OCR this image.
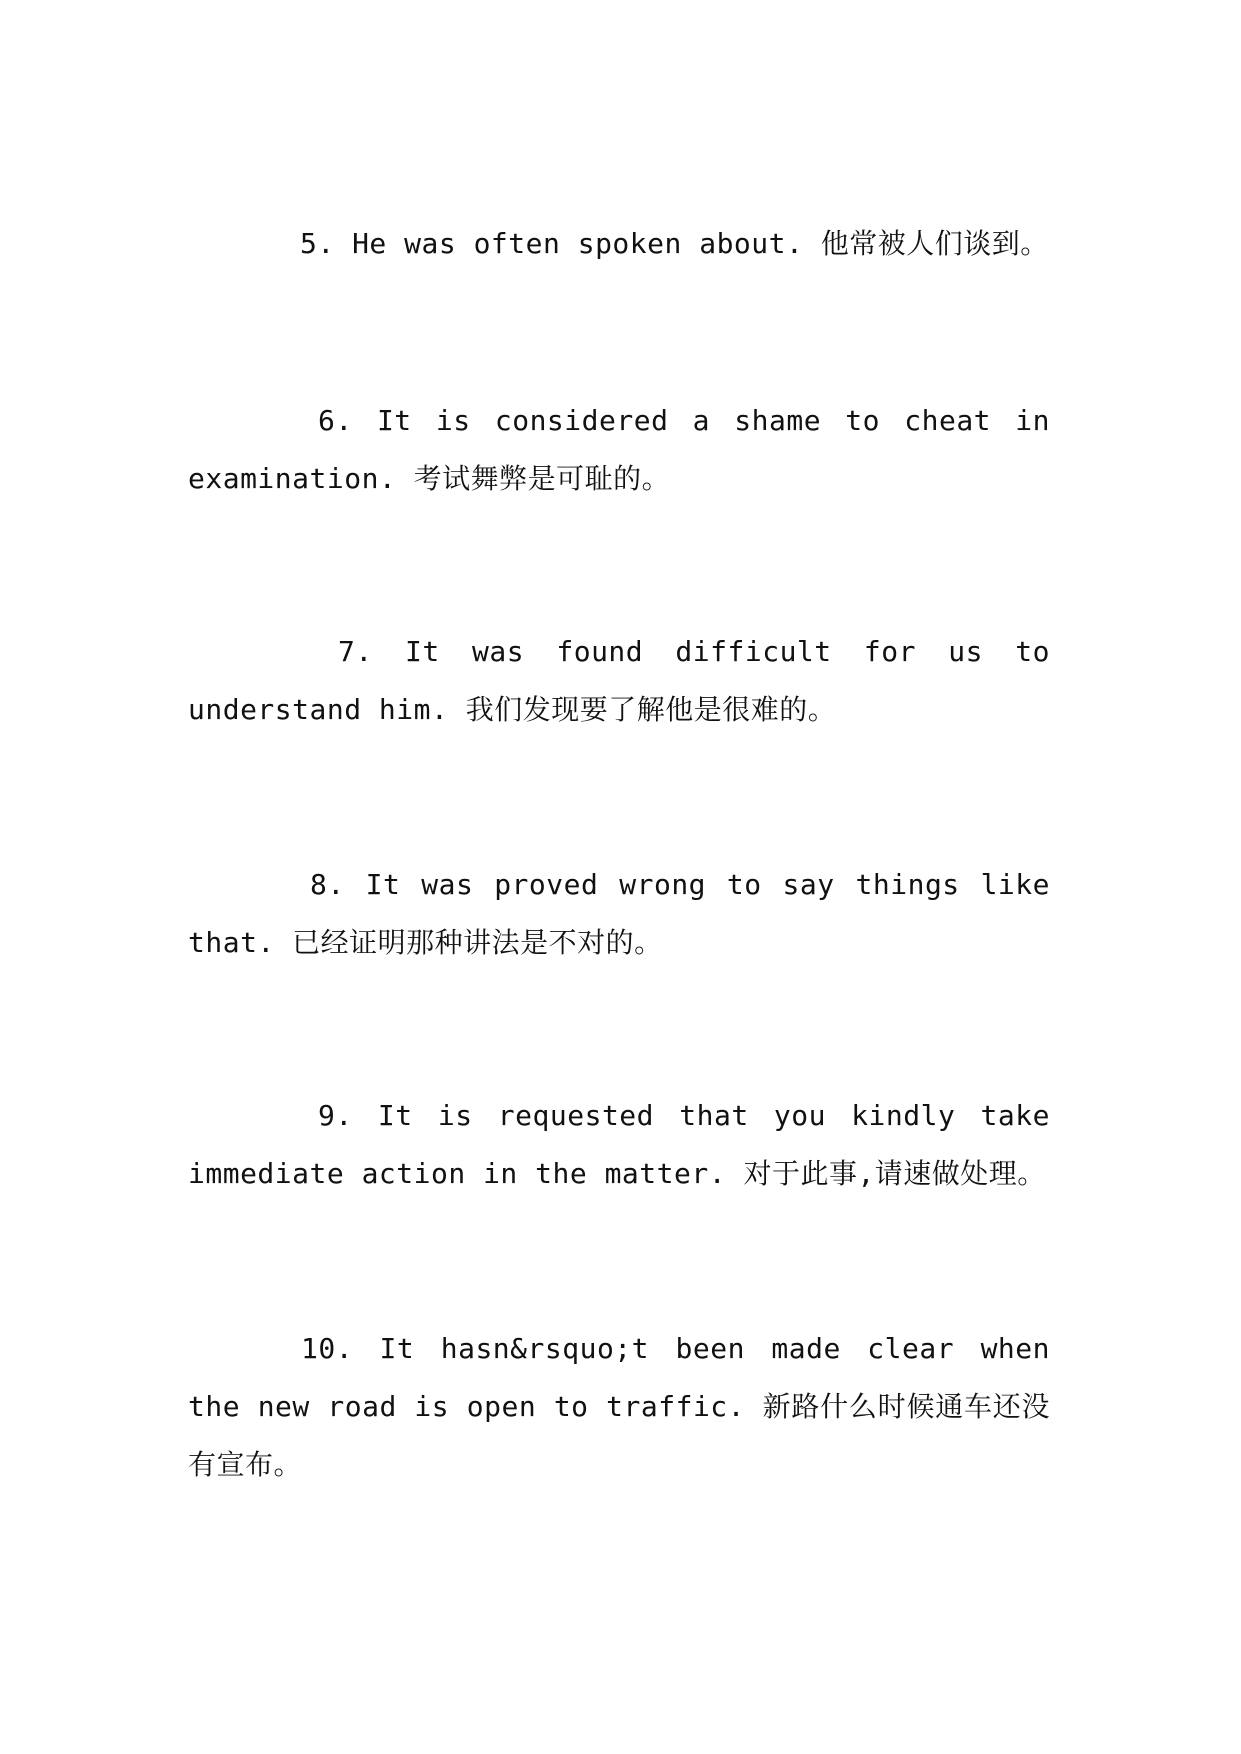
5. He was often spoken about. 他常被人们谈到。

6. It is considered a shame to cheat in examination. 考试舞弊是可耻的。

7. It was found difficult for us to understand him. 我们发现要了解他是很难的。

8. It was proved wrong to say things like that. 已经证明那种讲法是不对的。

9. It is requested that you kindly take immediate action in the matter. 对于此事,请速做处理。

10. It hasn&rsquo;t been made clear when the new road is open to traffic. 新路什么时候通车还没有宣布。
